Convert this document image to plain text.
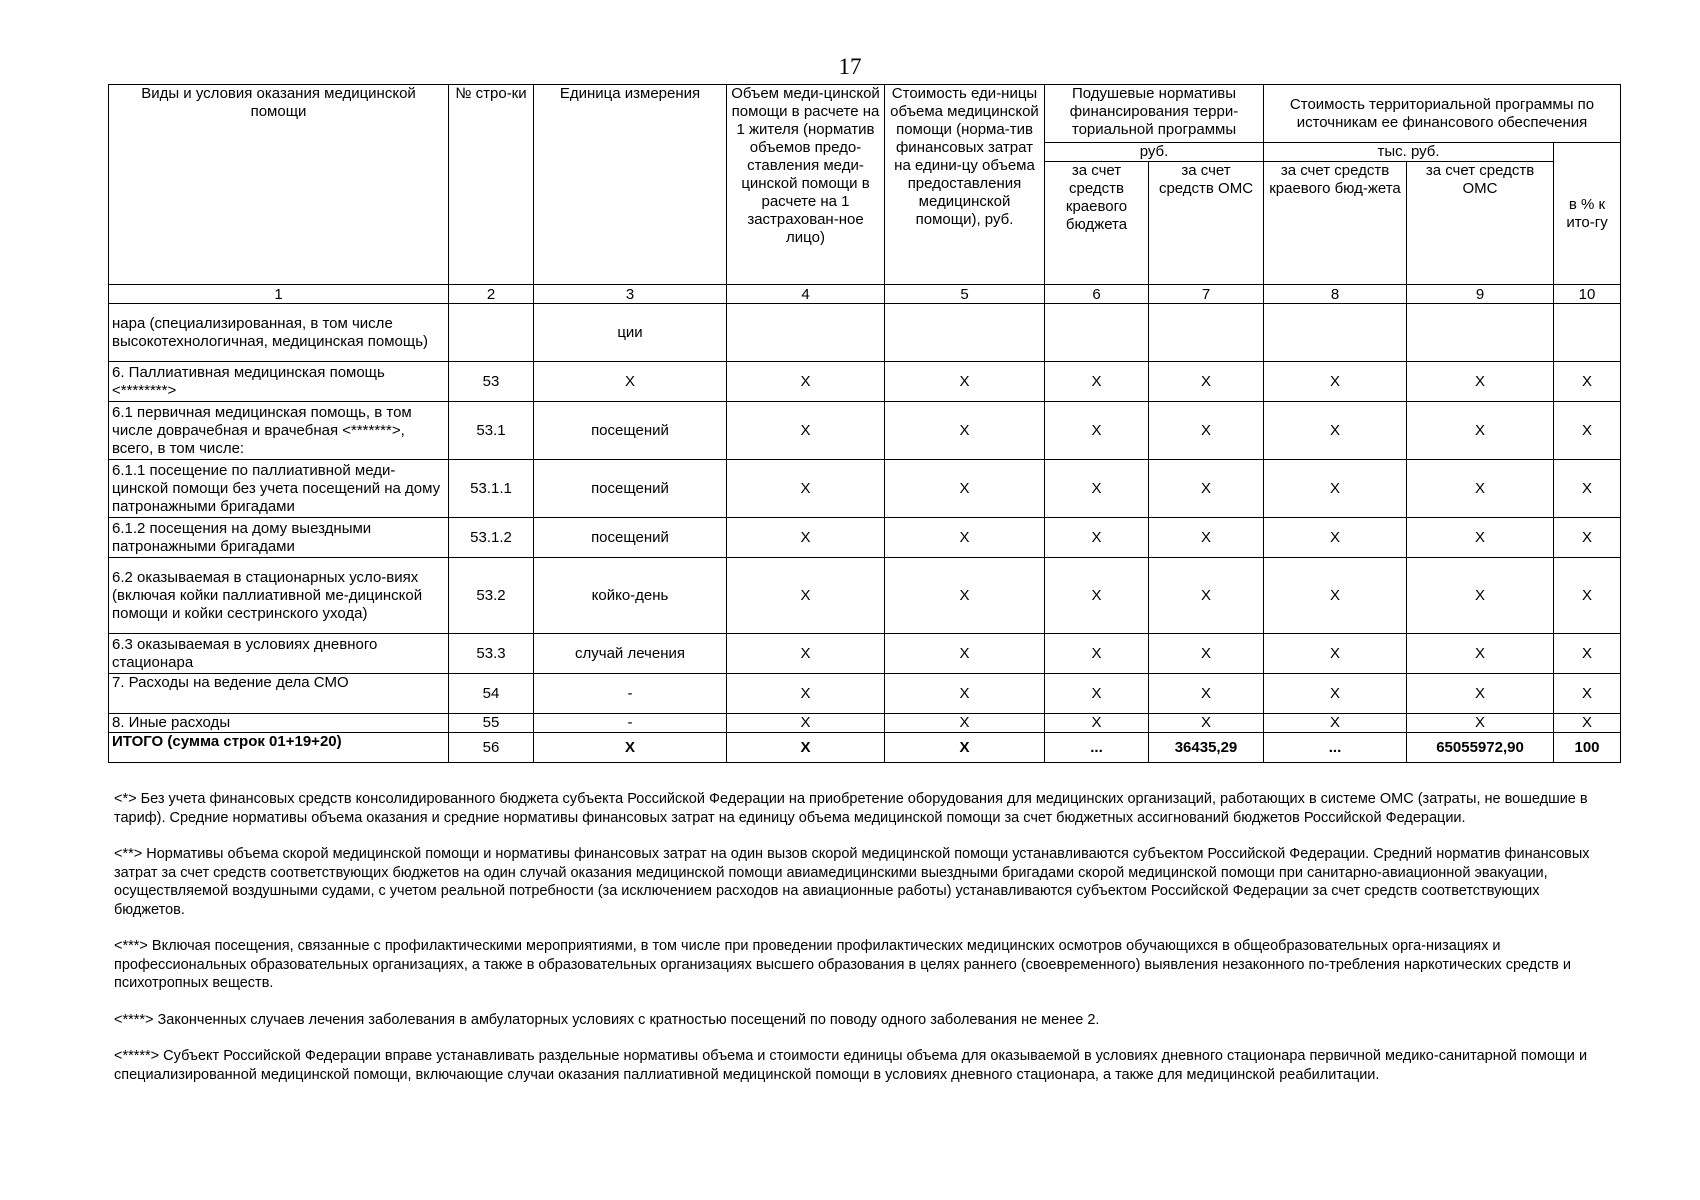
17
Виды и условия оказания медицинской помощи	№ стро-ки	Единица измерения	Объем меди-цинской помощи в расчете на 1 жителя (норматив объемов предо-ставления меди-цинской помощи в расчете на 1 застрахован-ное лицо)	Стоимость еди-ницы объема медицинской помощи (норма-тив финансовых затрат на едини-цу объема предоставления медицинской помощи), руб.	Подушевые нормативы финансирования терри-ториальной программы		Стоимость территориальной программы по источникам ее финансового обеспечения		
					руб.		тыс. руб.		в % к ито-гу
					за счет средств краевого бюджета	за счет средств ОМС	за счет средств краевого бюд-жета	за счет средств ОМС	
1	2	3	4	5	6	7	8	9	10
нара (специализированная, в том числе высокотехнологичная, медицинская помощь)		ции							
6. Паллиативная медицинская помощь <********>	53	X	X	X	X	X	X	X	X
6.1 первичная медицинская помощь, в том числе доврачебная и врачебная <*******>, всего, в том числе:	53.1	посещений	X	X	X	X	X	X	X
6.1.1 посещение по паллиативной меди-цинской помощи без учета посещений на дому патронажными бригадами	53.1.1	посещений	X	X	X	X	X	X	X
6.1.2 посещения на дому выездными патронажными бригадами	53.1.2	посещений	X	X	X	X	X	X	X
6.2 оказываемая в стационарных усло-виях (включая койки паллиативной ме-дицинской помощи и койки сестринского ухода)	53.2	койко-день	X	X	X	X	X	X	X
6.3 оказываемая в условиях дневного стационара	53.3	случай лечения	X	X	X	X	X	X	X
7. Расходы на ведение дела СМО	54	-	X	X	X	X	X	X	X
8. Иные расходы	55	-	X	X	X	X	X	X	X
ИТОГО (сумма строк 01+19+20)	56	X	X	X	...	36435,29	...	65055972,90	100

<*> Без учета финансовых средств консолидированного бюджета субъекта Российской Федерации на приобретение оборудования для медицинских организаций, работающих в системе ОМС (затраты, не вошедшие в тариф). Средние нормативы объема оказания и средние нормативы финансовых затрат на единицу объема медицинской помощи за счет бюджетных ассигнований бюджетов Российской Федерации.

<**> Нормативы объема скорой медицинской помощи и нормативы финансовых затрат на один вызов скорой медицинской помощи устанавливаются субъектом Российской Федерации. Средний норматив финансовых затрат за счет средств соответствующих бюджетов на один случай оказания медицинской помощи авиамедицинскими выездными бригадами скорой медицинской помощи при санитарно-авиационной эвакуации, осуществляемой воздушными судами, с учетом реальной потребности (за исключением расходов на авиационные работы) устанавливаются субъектом Российской Федерации за счет средств соответствующих бюджетов.

<***> Включая посещения, связанные с профилактическими мероприятиями, в том числе при проведении профилактических медицинских осмотров обучающихся в общеобразовательных орга-низациях и профессиональных образовательных организациях, а также в образовательных организациях высшего образования в целях раннего (своевременного) выявления незаконного по-требления наркотических средств и психотропных веществ.

<****> Законченных случаев лечения заболевания в амбулаторных условиях с кратностью посещений по поводу одного заболевания не менее 2.

<*****> Субъект Российской Федерации вправе устанавливать раздельные нормативы объема и стоимости единицы объема для оказываемой в условиях дневного стационара первичной медико-санитарной помощи и специализированной медицинской помощи, включающие случаи оказания паллиативной медицинской помощи в условиях дневного стационара, а также для медицинской реабилитации.
